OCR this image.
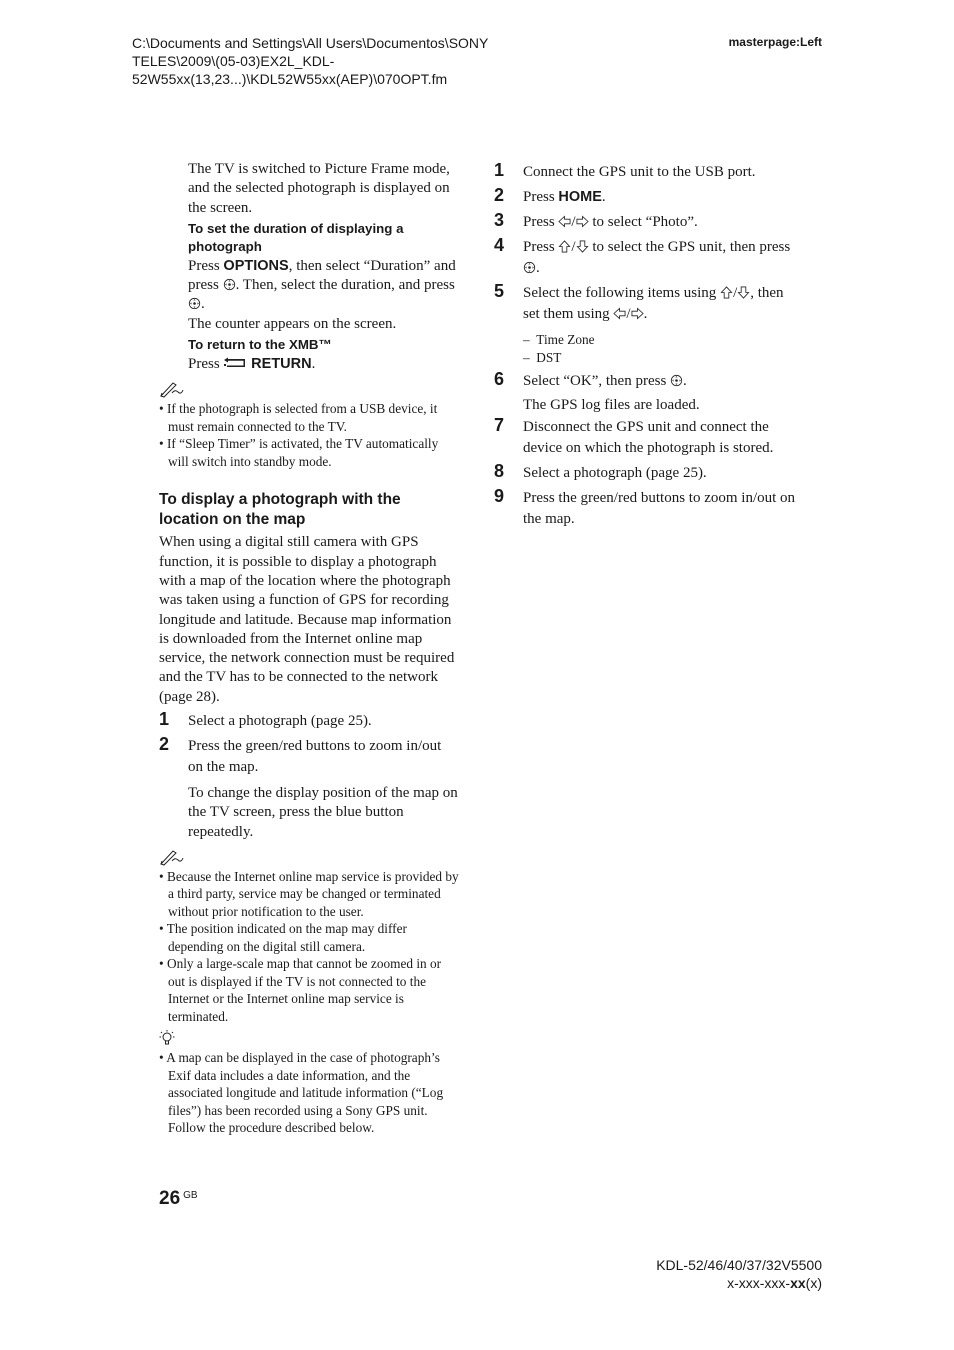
C:\Documents and Settings\All Users\Documentos\SONY
TELES\2009\(05-03)EX2L_KDL-
52W55xx(13,23...)\KDL52W55xx(AEP)\070OPT.fm
masterpage:Left

The TV is switched to Picture Frame mode, and the selected photograph is displayed on the screen.

To set the duration of displaying a photograph

Press OPTIONS, then select “Duration” and press . Then, select the duration, and press .

The counter appears on the screen.

To return to the XMB™

Press  RETURN.

• If the photograph is selected from a USB device, it must remain connected to the TV.
• If “Sleep Timer” is activated, the TV automatically will switch into standby mode.
To display a photograph with the location on the map

When using a digital still camera with GPS function, it is possible to display a photograph with a map of the location where the photograph was taken using a function of GPS for recording longitude and latitude. Because map information is downloaded from the Internet online map service, the network connection must be required and the TV has to be connected to the network (page 28).

1 Select a photograph (page 25).
2 Press the green/red buttons to zoom in/out on the map.

To change the display position of the map on the TV screen, press the blue button repeatedly.

• Because the Internet online map service is provided by a third party, service may be changed or terminated without prior notification to the user.
• The position indicated on the map may differ depending on the digital still camera.
• Only a large-scale map that cannot be zoomed in or out is displayed if the TV is not connected to the Internet or the Internet online map service is terminated.
• A map can be displayed in the case of photograph’s Exif data includes a date information, and the associated longitude and latitude information (“Log files”) has been recorded using a Sony GPS unit. Follow the procedure described below.
1 Connect the GPS unit to the USB port.
2 Press HOME.
3 Press / to select “Photo”.
4 Press / to select the GPS unit, then press .
5 Select the following items using / , then set them using / .
–  Time Zone
–  DST
6 Select “OK”, then press .

The GPS log files are loaded.

7 Disconnect the GPS unit and connect the device on which the photograph is stored.
8 Select a photograph (page 25).
9 Press the green/red buttons to zoom in/out on the map.
26 $^{GB}$
KDL-52/46/40/37/32V5500
x-xxx-xxx-xx(x)
